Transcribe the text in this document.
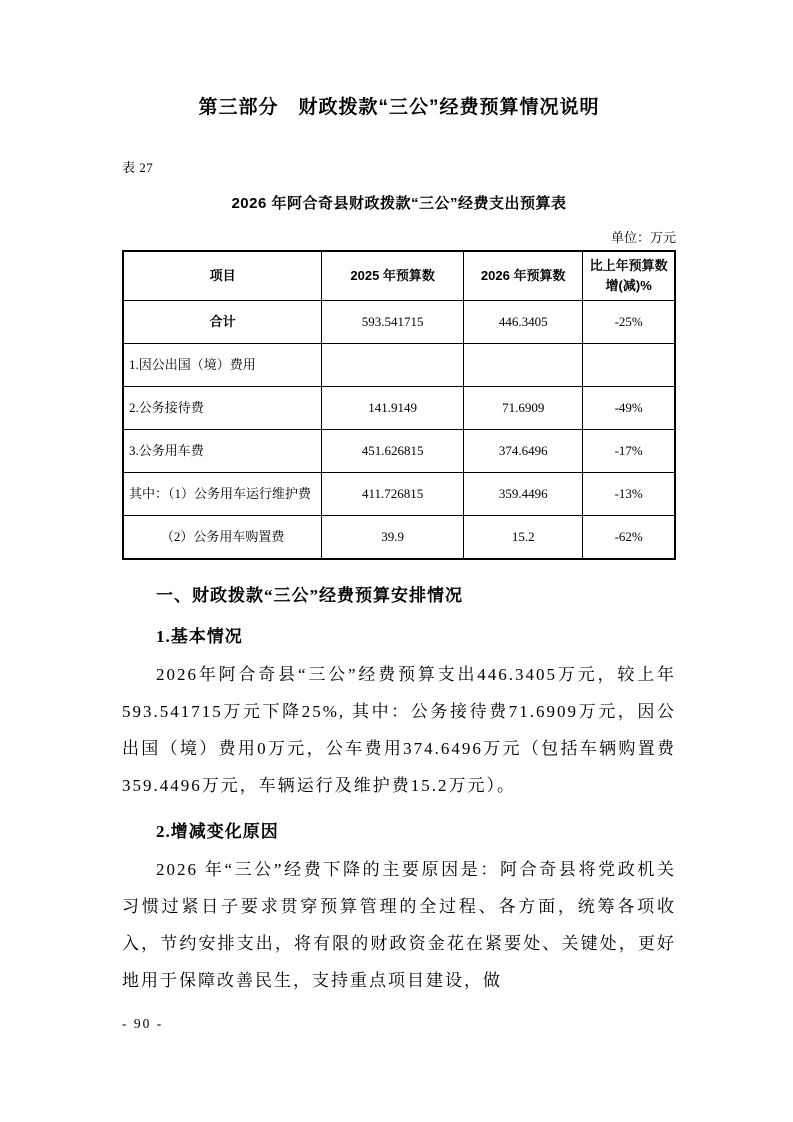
第三部分　财政拨款“三公”经费预算情况说明
表 27
2026 年阿合奇县财政拨款“三公”经费支出预算表
单位：万元
项目	2025 年预算数	2026 年预算数	比上年预算数增(减)%
合计	593.541715	446.3405	-25%
1.因公出国（境）费用			
2.公务接待费	141.9149	71.6909	-49%
3.公务用车费	451.626815	374.6496	-17%
其中：（1）公务用车运行维护费	411.726815	359.4496	-13%
（2）公务用车购置费	39.9	15.2	-62%
一、财政拨款“三公”经费预算安排情况
1.基本情况

2026年阿合奇县“三公”经费预算支出446.3405万元，较上年593.541715万元下降25%, 其中：公务接待费71.6909万元，因公出国（境）费用0万元，公车费用374.6496万元（包括车辆购置费359.4496万元，车辆运行及维护费15.2万元）。

2.增减变化原因

2026 年“三公”经费下降的主要原因是：阿合奇县将党政机关习惯过紧日子要求贯穿预算管理的全过程、各方面，统筹各项收入，节约安排支出，将有限的财政资金花在紧要处、关键处，更好地用于保障改善民生，支持重点项目建设，做

- 90 -
